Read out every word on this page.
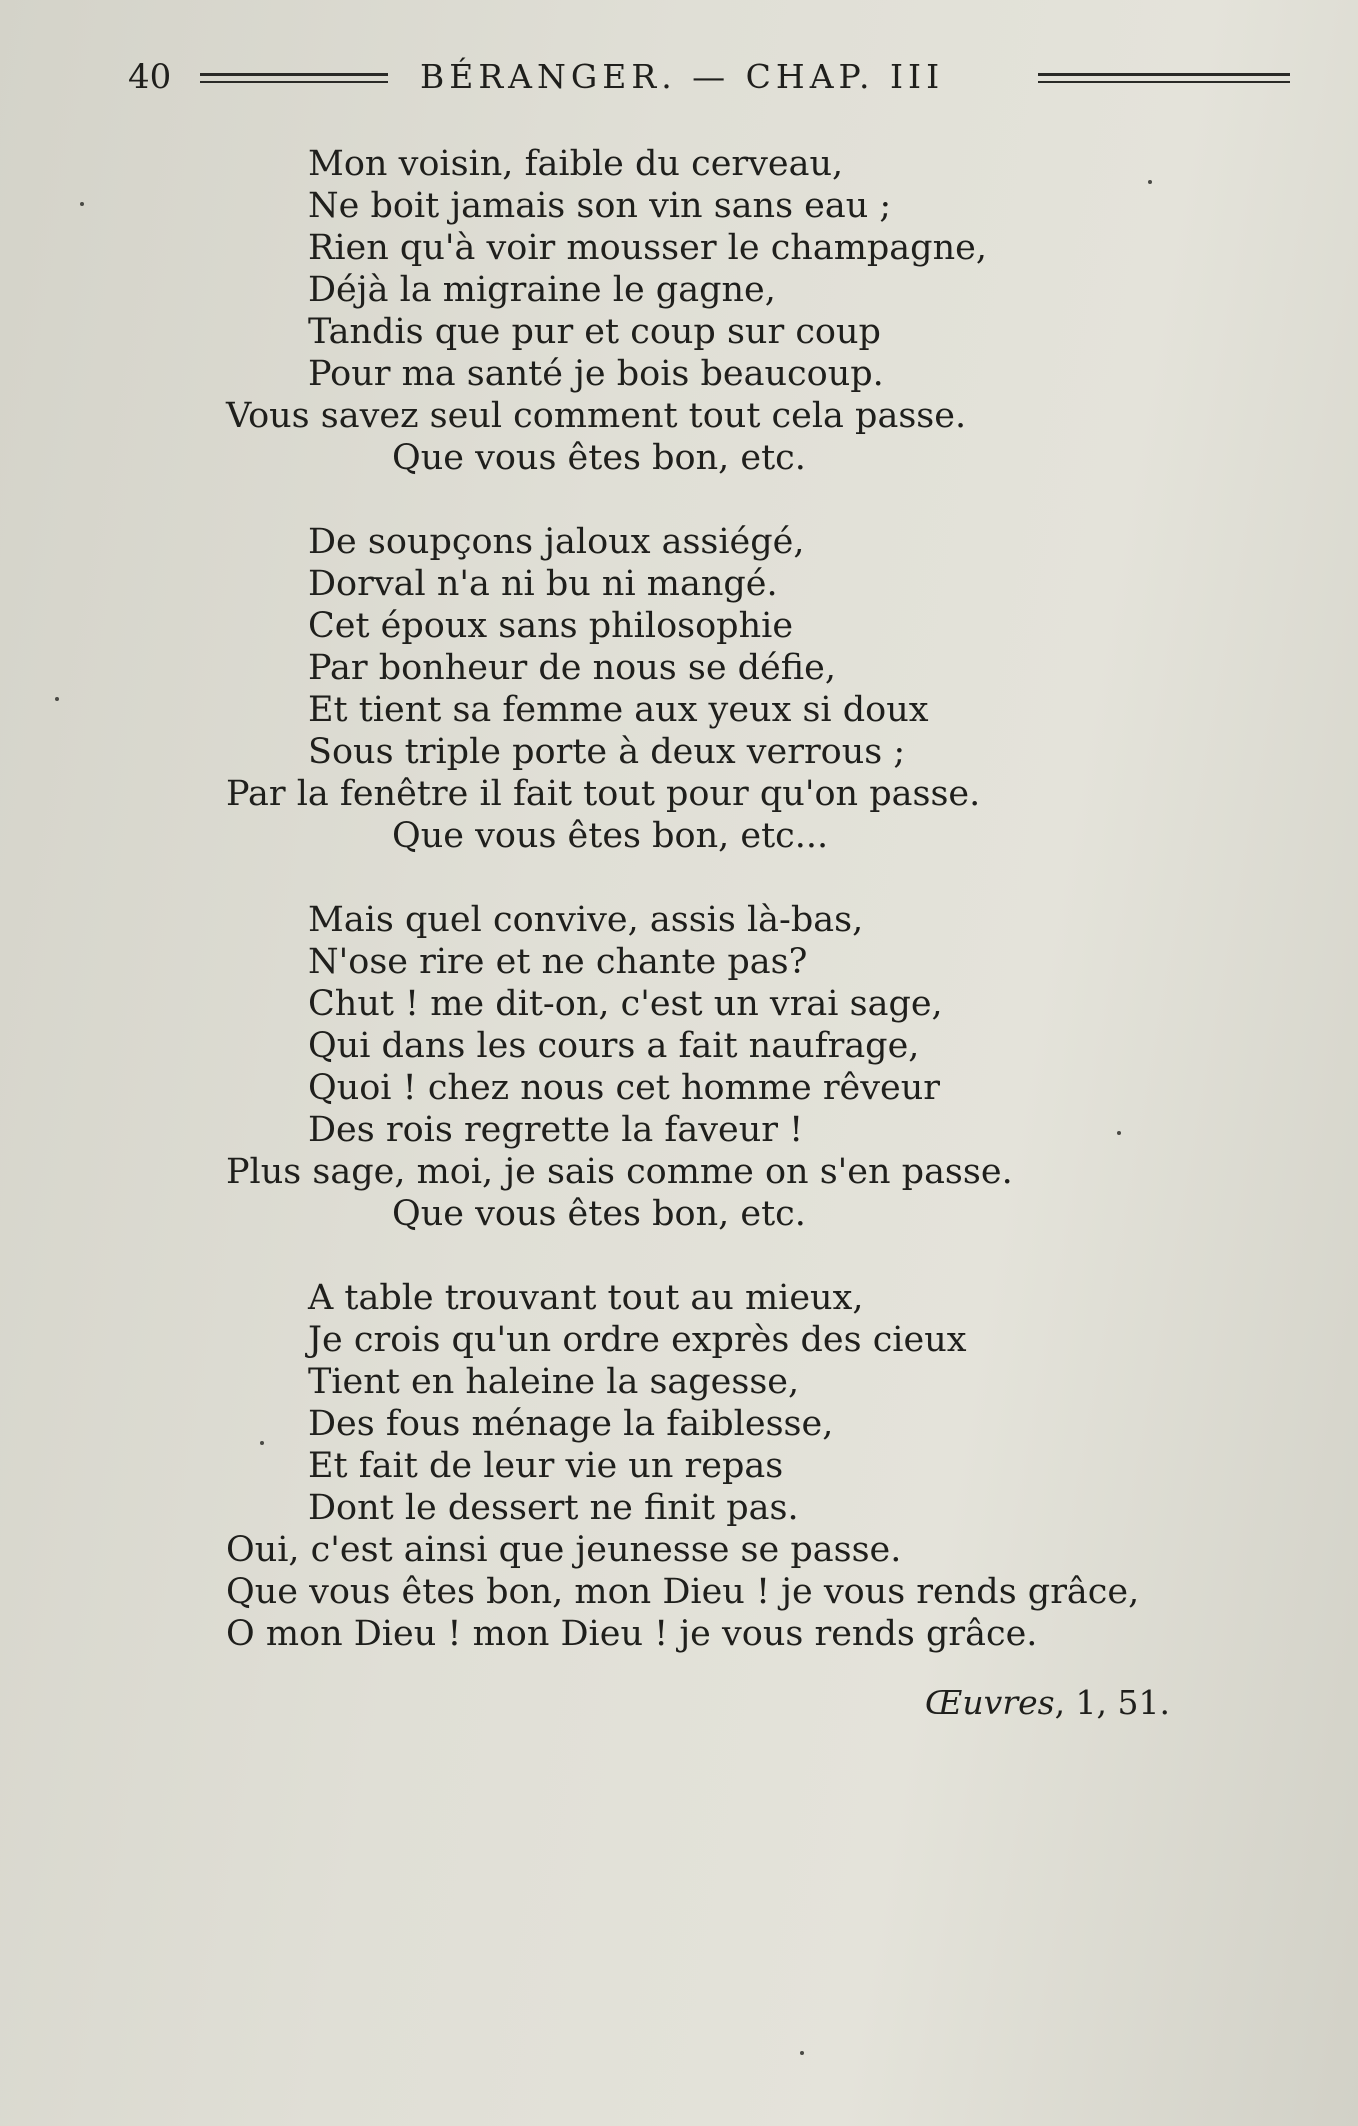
40	BÉRANGER. — CHAP. III
Mon voisin, faible du cerveau,
Ne boit jamais son vin sans eau ;
Rien qu'à voir mousser le champagne,
Déjà la migraine le gagne,
Tandis que pur et coup sur coup
Pour ma santé je bois beaucoup.
Vous savez seul comment tout cela passe.
Que vous êtes bon, etc.
De soupçons jaloux assiégé,
Dorval n'a ni bu ni mangé.
Cet époux sans philosophie
Par bonheur de nous se défie,
Et tient sa femme aux yeux si doux
Sous triple porte à deux verrous ;
Par la fenêtre il fait tout pour qu'on passe.
Que vous êtes bon, etc...
Mais quel convive, assis là-bas,
N'ose rire et ne chante pas?
Chut ! me dit-on, c'est un vrai sage,
Qui dans les cours a fait naufrage,
Quoi ! chez nous cet homme rêveur
Des rois regrette la faveur !
Plus sage, moi, je sais comme on s'en passe.
Que vous êtes bon, etc.
A table trouvant tout au mieux,
Je crois qu'un ordre exprès des cieux
Tient en haleine la sagesse,
Des fous ménage la faiblesse,
Et fait de leur vie un repas
Dont le dessert ne finit pas.
Oui, c'est ainsi que jeunesse se passe.
Que vous êtes bon, mon Dieu ! je vous rends grâce,
O mon Dieu ! mon Dieu ! je vous rends grâce.
Œuvres, 1, 51.
